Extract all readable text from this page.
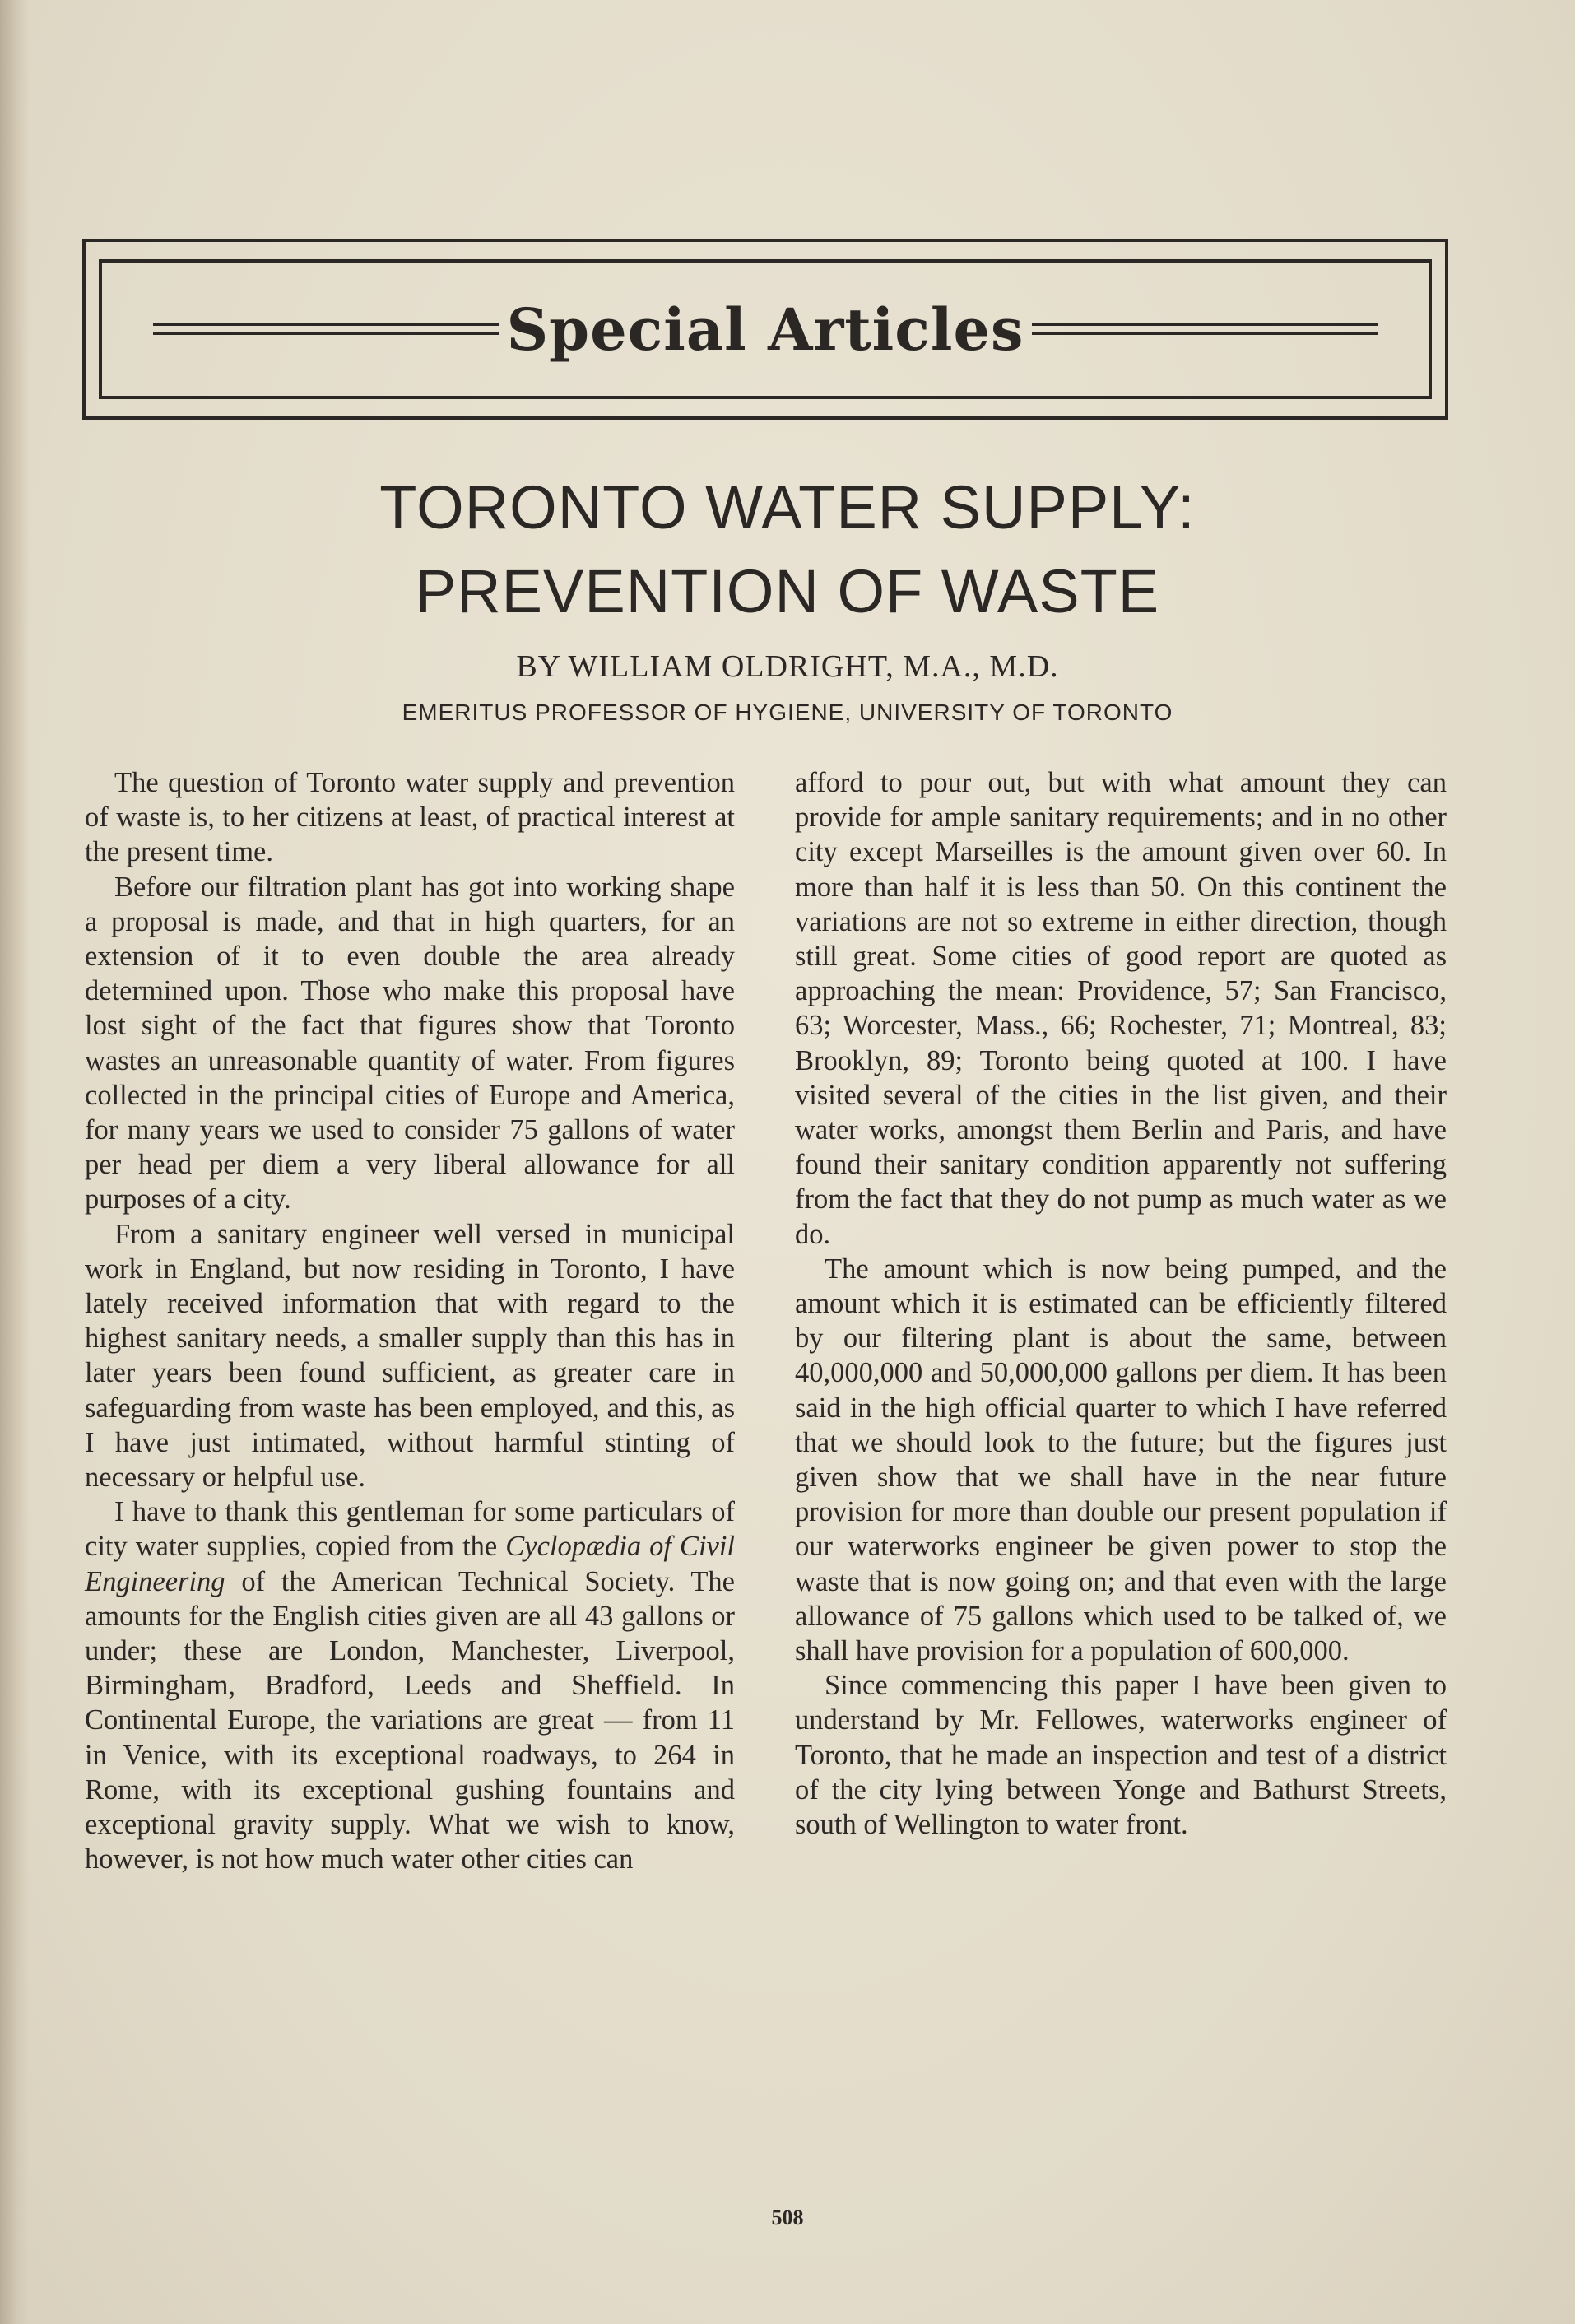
Special Articles
TORONTO WATER SUPPLY:
PREVENTION OF WASTE
BY WILLIAM OLDRIGHT, M.A., M.D.
EMERITUS PROFESSOR OF HYGIENE, UNIVERSITY OF TORONTO

The question of Toronto water supply and prevention of waste is, to her citizens at least, of practical interest at the present time.

Before our filtration plant has got into working shape a proposal is made, and that in high quarters, for an extension of it to even double the area already determined upon. Those who make this proposal have lost sight of the fact that figures show that Toronto wastes an unreasonable quantity of water. From figures collected in the principal cities of Europe and America, for many years we used to consider 75 gallons of water per head per diem a very liberal allowance for all purposes of a city.

From a sanitary engineer well versed in municipal work in England, but now residing in Toronto, I have lately received information that with regard to the highest sanitary needs, a smaller supply than this has in later years been found sufficient, as greater care in safeguarding from waste has been employed, and this, as I have just intimated, without harmful stinting of necessary or helpful use.

I have to thank this gentleman for some particulars of city water supplies, copied from the Cyclopædia of Civil Engineering of the American Technical Society. The amounts for the English cities given are all 43 gallons or under; these are London, Manchester, Liverpool, Birmingham, Bradford, Leeds and Sheffield. In Continental Europe, the variations are great — from 11 in Venice, with its exceptional roadways, to 264 in Rome, with its exceptional gushing fountains and exceptional gravity supply. What we wish to know, however, is not how much water other cities can

afford to pour out, but with what amount they can provide for ample sanitary requirements; and in no other city except Marseilles is the amount given over 60. In more than half it is less than 50. On this continent the variations are not so extreme in either direction, though still great. Some cities of good report are quoted as approaching the mean: Providence, 57; San Francisco, 63; Worcester, Mass., 66; Rochester, 71; Montreal, 83; Brooklyn, 89; Toronto being quoted at 100. I have visited several of the cities in the list given, and their water works, amongst them Berlin and Paris, and have found their sanitary condition apparently not suffering from the fact that they do not pump as much water as we do.

The amount which is now being pumped, and the amount which it is estimated can be efficiently filtered by our filtering plant is about the same, between 40,000,000 and 50,000,000 gallons per diem. It has been said in the high official quarter to which I have referred that we should look to the future; but the figures just given show that we shall have in the near future provision for more than double our present population if our waterworks engineer be given power to stop the waste that is now going on; and that even with the large allowance of 75 gallons which used to be talked of, we shall have provision for a population of 600,000.

Since commencing this paper I have been given to understand by Mr. Fellowes, waterworks engineer of Toronto, that he made an inspection and test of a district of the city lying between Yonge and Bathurst Streets, south of Wellington to water front.

508
